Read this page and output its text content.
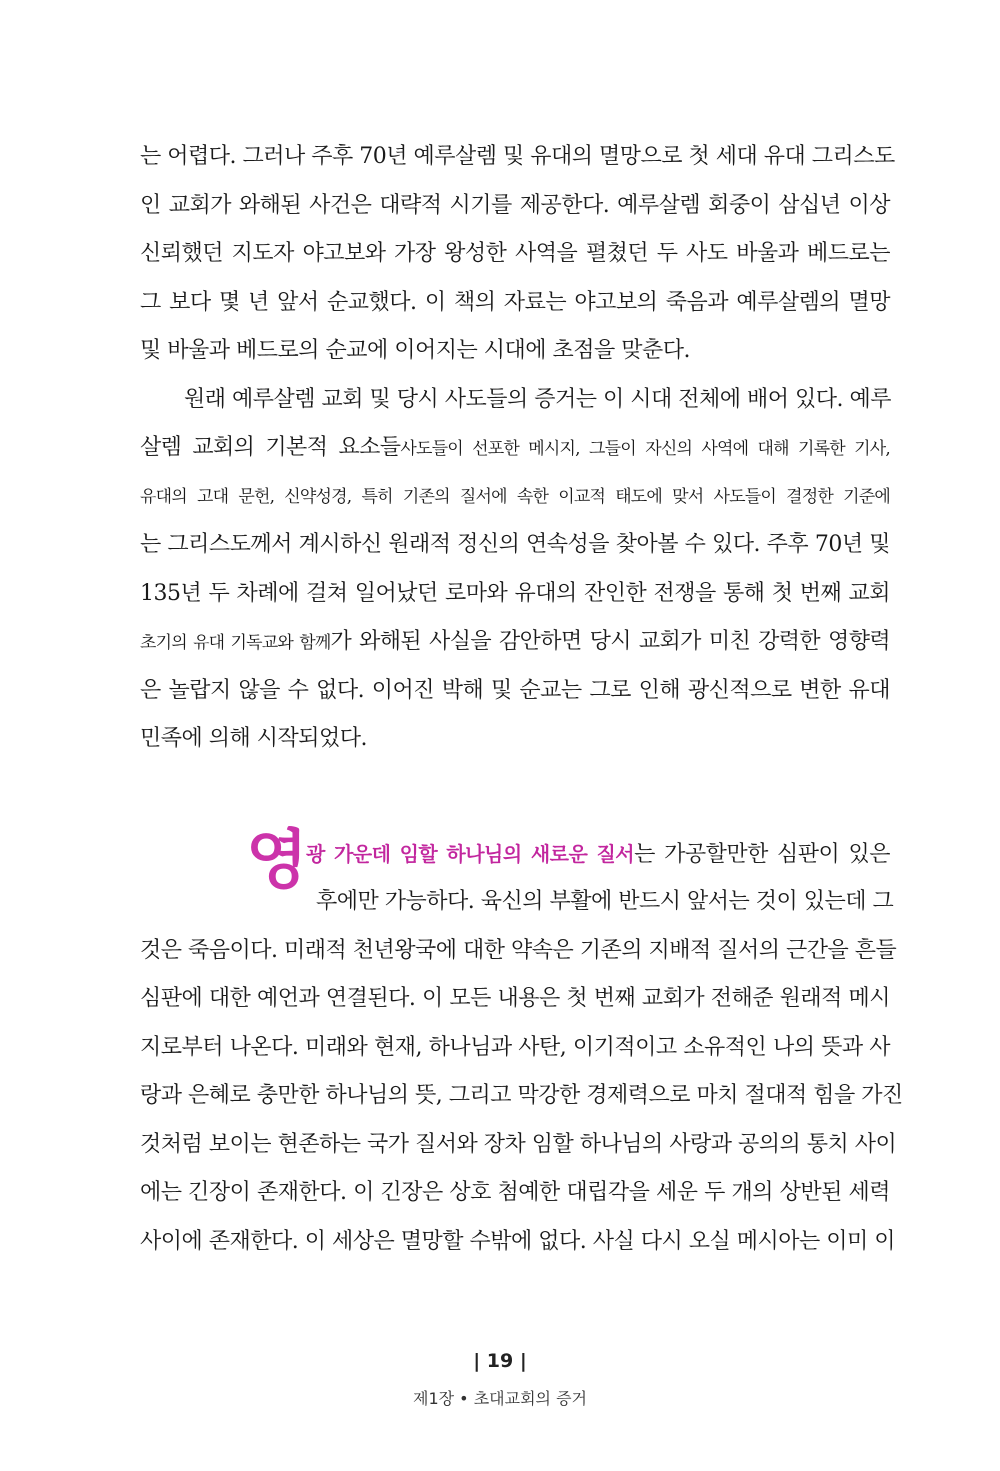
는 어렵다. 그러나 주후 70년 예루살렘 및 유대의 멸망으로 첫 세대 유대 그리스도
인 교회가 와해된 사건은 대략적 시기를 제공한다. 예루살렘 회중이 삼십년 이상
신뢰했던 지도자 야고보와 가장 왕성한 사역을 펼쳤던 두 사도 바울과 베드로는
그 보다 몇 년 앞서 순교했다. 이 책의 자료는 야고보의 죽음과 예루살렘의 멸망
및 바울과 베드로의 순교에 이어지는 시대에 초점을 맞춘다.
원래 예루살렘 교회 및 당시 사도들의 증거는 이 시대 전체에 배어 있다. 예루
살렘 교회의 기본적 요소들사도들이 선포한 메시지, 그들이 자신의 사역에 대해 기록한 기사,
유대의 고대 문헌, 신약성경, 특히 기존의 질서에 속한 이교적 태도에 맞서 사도들이 결정한 기준에
는 그리스도께서 계시하신 원래적 정신의 연속성을 찾아볼 수 있다. 주후 70년 및
135년 두 차례에 걸쳐 일어났던 로마와 유대의 잔인한 전쟁을 통해 첫 번째 교회
초기의 유대 기독교와 함께가 와해된 사실을 감안하면 당시 교회가 미친 강력한 영향력
은 놀랍지 않을 수 없다. 이어진 박해 및 순교는 그로 인해 광신적으로 변한 유대
민족에 의해 시작되었다.
영
광 가운데 임할 하나님의 새로운 질서는 가공할만한 심판이 있은
후에만 가능하다. 육신의 부활에 반드시 앞서는 것이 있는데 그
것은 죽음이다. 미래적 천년왕국에 대한 약속은 기존의 지배적 질서의 근간을 흔들
심판에 대한 예언과 연결된다. 이 모든 내용은 첫 번째 교회가 전해준 원래적 메시
지로부터 나온다. 미래와 현재, 하나님과 사탄, 이기적이고 소유적인 나의 뜻과 사
랑과 은혜로 충만한 하나님의 뜻, 그리고 막강한 경제력으로 마치 절대적 힘을 가진
것처럼 보이는 현존하는 국가 질서와 장차 임할 하나님의 사랑과 공의의 통치 사이
에는 긴장이 존재한다. 이 긴장은 상호 첨예한 대립각을 세운 두 개의 상반된 세력
사이에 존재한다. 이 세상은 멸망할 수밖에 없다. 사실 다시 오실 메시아는 이미 이
| 19 |
제1장 • 초대교회의 증거
